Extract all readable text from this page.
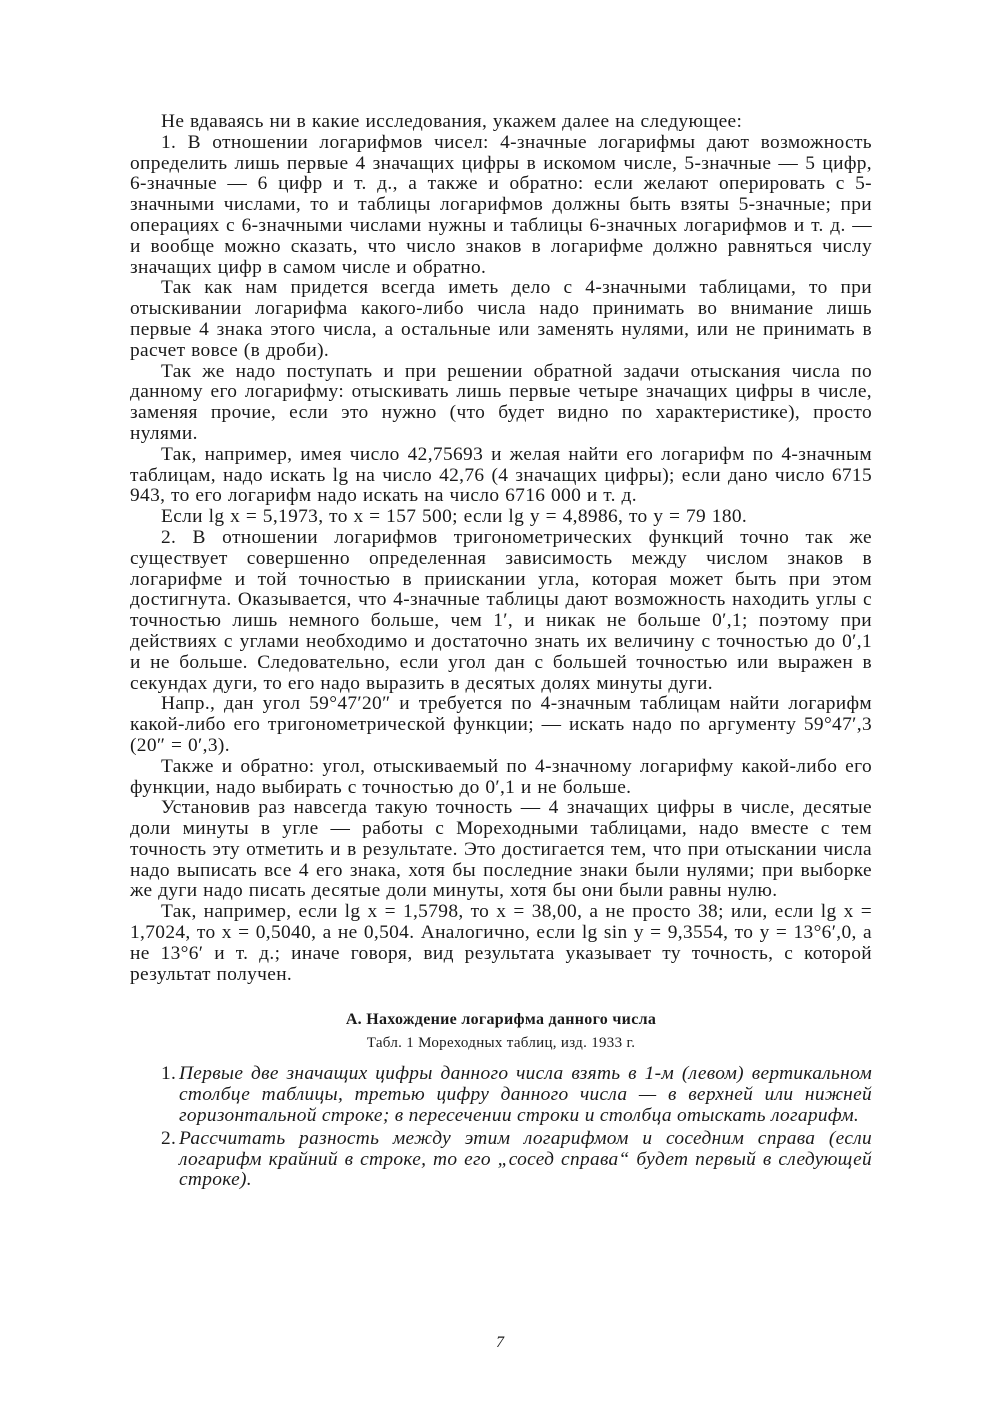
Не вдаваясь ни в какие исследования, укажем далее на следующее:

1. В отношении логарифмов чисел: 4-значные логарифмы дают возможность определить лишь первые 4 значащих цифры в искомом числе, 5-значные — 5 цифр, 6-значные — 6 цифр и т. д., а также и обратно: если желают оперировать с 5-значными числами, то и таблицы логарифмов должны быть взяты 5-значные; при операциях с 6-значными числами нужны и таблицы 6-значных логарифмов и т. д. — и вообще можно сказать, что число знаков в логарифме должно равняться числу значащих цифр в самом числе и обратно.

Так как нам придется всегда иметь дело с 4-значными таблицами, то при отыскивании логарифма какого-либо числа надо принимать во внимание лишь первые 4 знака этого числа, а остальные или заменять нулями, или не принимать в расчет вовсе (в дроби).

Так же надо поступать и при решении обратной задачи отыскания числа по данному его логарифму: отыскивать лишь первые четыре значащих цифры в числе, заменяя прочие, если это нужно (что будет видно по характеристике), просто нулями.

Так, например, имея число 42,75693 и желая найти его логарифм по 4-значным таблицам, надо искать lg на число 42,76 (4 значащих цифры); если дано число 6715 943, то его логарифм надо искать на число 6716 000 и т. д.

Если lg x = 5,1973, то x = 157 500; если lg y = 4,8986, то y = 79 180.

2. В отношении логарифмов тригонометрических функций точно так же существует совершенно определенная зависимость между числом знаков в логарифме и той точностью в приискании угла, которая может быть при этом достигнута. Оказывается, что 4-значные таблицы дают возможность находить углы с точностью лишь немного больше, чем 1′, и никак не больше 0′,1; поэтому при действиях с углами необходимо и достаточно знать их величину с точностью до 0′,1 и не больше. Следовательно, если угол дан с большей точностью или выражен в секундах дуги, то его надо выразить в десятых долях минуты дуги.

Напр., дан угол 59°47′20″ и требуется по 4-значным таблицам найти логарифм какой-либо его тригонометрической функции; — искать надо по аргументу 59°47′,3 (20″ = 0′,3).

Также и обратно: угол, отыскиваемый по 4-значному логарифму какой-либо его функции, надо выбирать с точностью до 0′,1 и не больше.

Установив раз навсегда такую точность — 4 значащих цифры в числе, десятые доли минуты в угле — работы с Мореходными таблицами, надо вместе с тем точность эту отметить и в результате. Это достигается тем, что при отыскании числа надо выписать все 4 его знака, хотя бы последние знаки были нулями; при выборке же дуги надо писать десятые доли минуты, хотя бы они были равны нулю.

Так, например, если lg x = 1,5798, то x = 38,00, а не просто 38; или, если lg x = 1,7024, то x = 0,5040, а не 0,504. Аналогично, если lg sin y = 9,3554, то y = 13°6′,0, а не 13°6′ и т. д.; иначе говоря, вид результата указывает ту точность, с которой результат получен.

А. Нахождение логарифма данного числа
Табл. 1 Мореходных таблиц, изд. 1933 г.
1. Первые две значащих цифры данного числа взять в 1-м (левом) вертикальном столбце таблицы, третью цифру данного числа — в верхней или нижней горизонтальной строке; в пересечении строки и столбца отыскать логарифм.
2. Рассчитать разность между этим логарифмом и соседним справа (если логарифм крайний в строке, то его „сосед справа“ будет первый в следующей строке).
7
